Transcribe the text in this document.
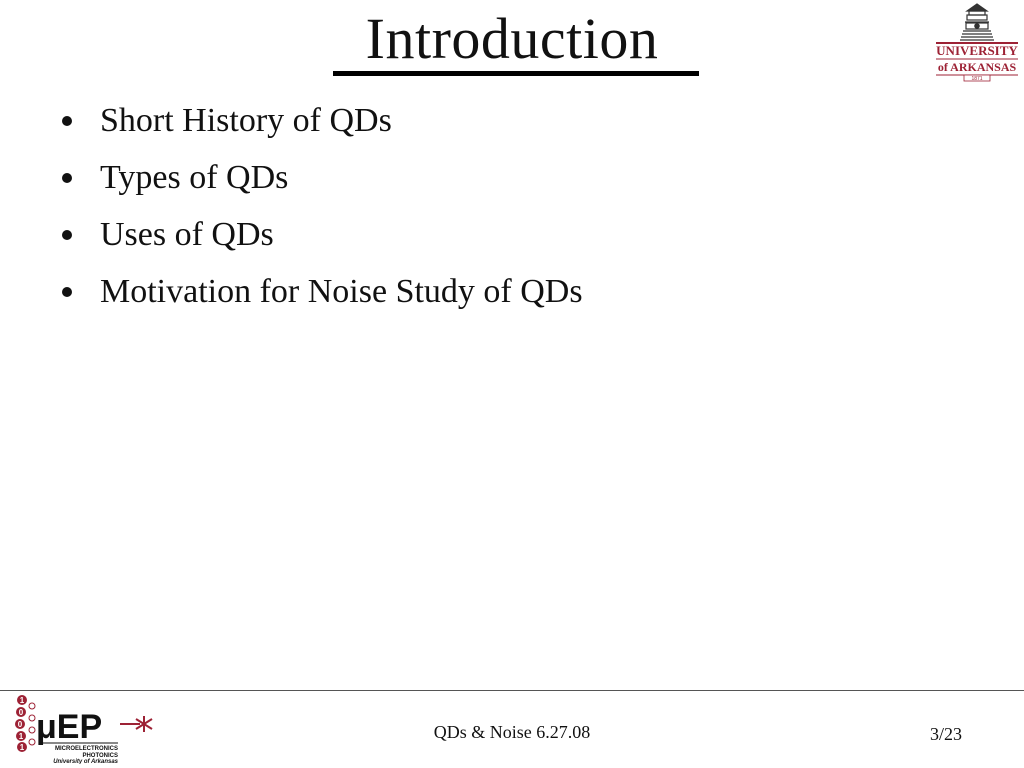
Introduction
Short History of QDs
Types of QDs
Uses of QDs
Motivation for Noise Study of QDs
UNIVERSITY
of ARKANSAS
1871
1
0
0
1
1
μEP
MICROELECTRONICS
PHOTONICS
University of Arkansas
QDs & Noise 6.27.08	3/23
